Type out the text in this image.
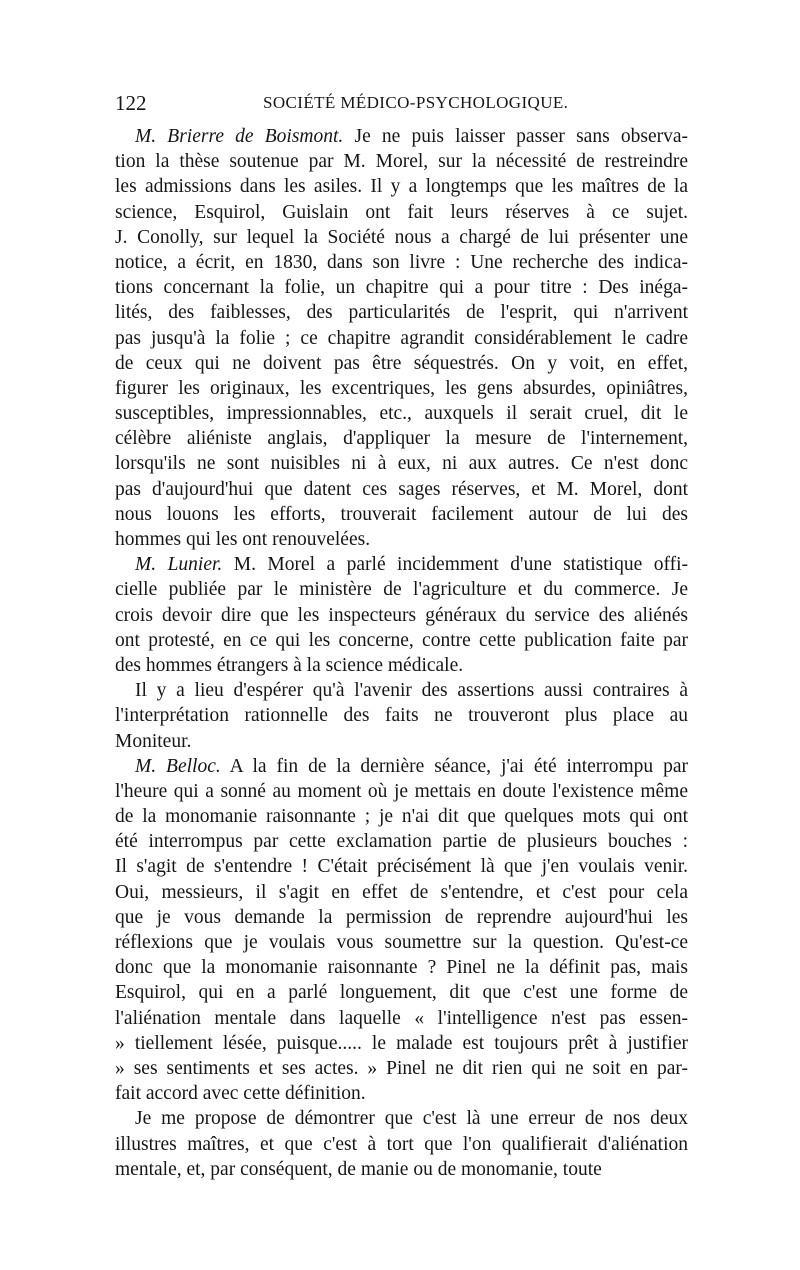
122	SOCIÉTÉ MÉDICO-PSYCHOLOGIQUE.
M. Brierre de Boismont. Je ne puis laisser passer sans observa-
tion la thèse soutenue par M. Morel, sur la nécessité de restreindre
les admissions dans les asiles. Il y a longtemps que les maîtres de la
science, Esquirol, Guislain ont fait leurs réserves à ce sujet.
J. Conolly, sur lequel la Société nous a chargé de lui présenter une
notice, a écrit, en 1830, dans son livre : Une recherche des indica-
tions concernant la folie, un chapitre qui a pour titre : Des inéga-
lités, des faiblesses, des particularités de l'esprit, qui n'arrivent
pas jusqu'à la folie ; ce chapitre agrandit considérablement le cadre
de ceux qui ne doivent pas être séquestrés. On y voit, en effet,
figurer les originaux, les excentriques, les gens absurdes, opiniâtres,
susceptibles, impressionnables, etc., auxquels il serait cruel, dit le
célèbre aliéniste anglais, d'appliquer la mesure de l'internement,
lorsqu'ils ne sont nuisibles ni à eux, ni aux autres. Ce n'est donc
pas d'aujourd'hui que datent ces sages réserves, et M. Morel, dont
nous louons les efforts, trouverait facilement autour de lui des
hommes qui les ont renouvelées.
M. Lunier. M. Morel a parlé incidemment d'une statistique offi-
cielle publiée par le ministère de l'agriculture et du commerce. Je
crois devoir dire que les inspecteurs généraux du service des aliénés
ont protesté, en ce qui les concerne, contre cette publication faite par
des hommes étrangers à la science médicale.
Il y a lieu d'espérer qu'à l'avenir des assertions aussi contraires à
l'interprétation rationnelle des faits ne trouveront plus place au
Moniteur.
M. Belloc. A la fin de la dernière séance, j'ai été interrompu par
l'heure qui a sonné au moment où je mettais en doute l'existence même
de la monomanie raisonnante ; je n'ai dit que quelques mots qui ont
été interrompus par cette exclamation partie de plusieurs bouches :
Il s'agit de s'entendre ! C'était précisément là que j'en voulais venir.
Oui, messieurs, il s'agit en effet de s'entendre, et c'est pour cela
que je vous demande la permission de reprendre aujourd'hui les
réflexions que je voulais vous soumettre sur la question. Qu'est-ce
donc que la monomanie raisonnante ? Pinel ne la définit pas, mais
Esquirol, qui en a parlé longuement, dit que c'est une forme de
l'aliénation mentale dans laquelle « l'intelligence n'est pas essen-
» tiellement lésée, puisque..... le malade est toujours prêt à justifier
» ses sentiments et ses actes. » Pinel ne dit rien qui ne soit en par-
fait accord avec cette définition.
Je me propose de démontrer que c'est là une erreur de nos deux
illustres maîtres, et que c'est à tort que l'on qualifierait d'aliénation
mentale, et, par conséquent, de manie ou de monomanie, toute
